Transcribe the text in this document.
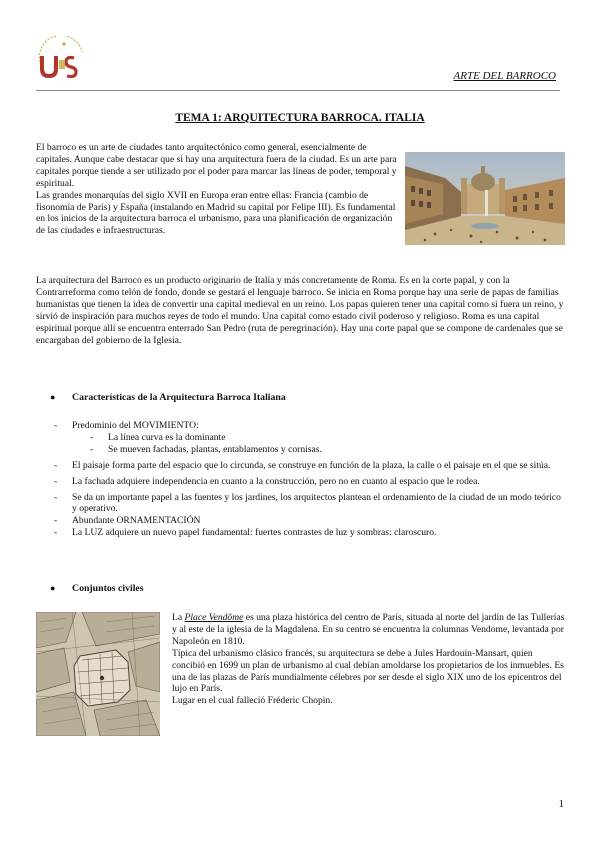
ARTE DEL BARROCO
TEMA 1: ARQUITECTURA BARROCA. ITALIA

El barroco es un arte de ciudades tanto arquitectónico como general, esencialmente de capitales. Aunque cabe destacar que si hay una arquitectura fuera de la ciudad. Es un arte para capitales porque tiende a ser utilizado por el poder para marcar las líneas de poder, temporal y espiritual.

Las grandes monarquías del siglo XVII en Europa eran entre ellas: Francia (cambio de fisonomía de París) y España (instalando en Madrid su capital por Felipe III). Es fundamental en los inicios de la arquitectura barroca el urbanismo, para una planificación de organización de las ciudades e infraestructuras.

La arquitectura del Barroco es un producto originario de Italia y más concretamente de Roma. Es en la corte papal, y con la Contrarreforma como telón de fondo, donde se gestará el lenguaje barroco. Se inicia en Roma porque hay una serie de papas de familias humanistas que tienen la idea de convertir una capital medieval en un reino. Los papas quieren tener una capital como si fuera un reino, y sirvió de inspiración para muchos reyes de todo el mundo. Una capital como estado civil poderoso y religioso. Roma es una capital espiritual porque allí se encuentra enterrado San Pedro (ruta de peregrinación). Hay una corte papal que se compone de cardenales que se encargaban del gobierno de la Iglesia.

● Características de la Arquitectura Barroca Italiana
- Predominio del MOVIMIENTO:
- La línea curva es la dominante
- Se mueven fachadas, plantas, entablamentos y cornisas.
- El paisaje forma parte del espacio que lo circunda, se construye en función de la plaza, la calle o el paisaje en el que se sitúa.
- La fachada adquiere independencia en cuanto a la construcción, pero no en cuanto al espacio que le rodea.
- Se da un importante papel a las fuentes y los jardines, los arquitectos plantean el ordenamiento de la ciudad de un modo teórico y operativo.
- Abundante ORNAMENTACIÓN
- La LUZ adquiere un nuevo papel fundamental: fuertes contrastes de luz y sombras: claroscuro.
● Conjuntos civiles

La Place Vendôme es una plaza histórica del centro de París, situada al norte del jardín de las Tullerías y al este de la iglesia de la Magdalena. En su centro se encuentra la columnas Vendome, levantada por Napoleón en 1810.

Típica del urbanismo clásico francés, su arquitectura se debe a Jules Hardouin-Mansart, quien concibió en 1699 un plan de urbanismo al cual debían amoldarse los propietarios de los inmuebles. Es una de las plazas de París mundialmente célebres por ser desde el siglo XIX uno de los epicentros del lujo en París.

Lugar en el cual falleció Fréderic Chopin.

1
